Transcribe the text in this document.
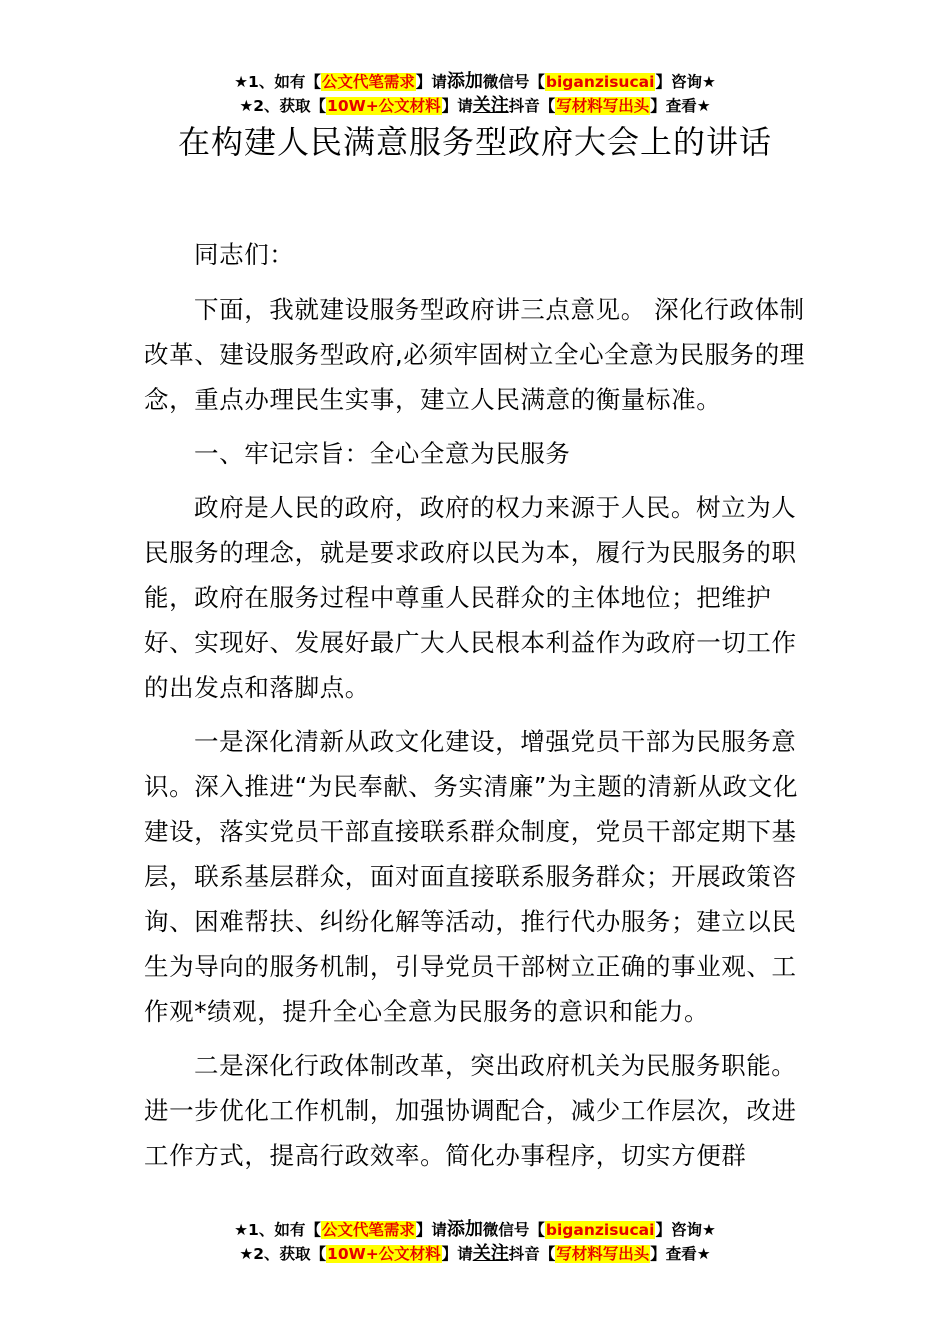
★1、如有【公文代笔需求】请添加微信号【biganzisucai】咨询★
★2、获取【10W+公文材料】请关注抖音【写材料写出头】查看★
在构建人民满意服务型政府大会上的讲话

同志们：

下面，我就建设服务型政府讲三点意见。 深化行政体制改革、建设服务型政府,必须牢固树立全心全意为民服务的理念，重点办理民生实事，建立人民满意的衡量标准。

一、牢记宗旨：全心全意为民服务

政府是人民的政府，政府的权力来源于人民。树立为人民服务的理念，就是要求政府以民为本，履行为民服务的职能，政府在服务过程中尊重人民群众的主体地位；把维护好、实现好、发展好最广大人民根本利益作为政府一切工作的出发点和落脚点。

一是深化清新从政文化建设，增强党员干部为民服务意识。深入推进“为民奉献、务实清廉”为主题的清新从政文化建设，落实党员干部直接联系群众制度，党员干部定期下基层，联系基层群众，面对面直接联系服务群众；开展政策咨询、困难帮扶、纠纷化解等活动，推行代办服务；建立以民生为导向的服务机制，引导党员干部树立正确的事业观、工作观*绩观，提升全心全意为民服务的意识和能力。

二是深化行政体制改革，突出政府机关为民服务职能。进一步优化工作机制，加强协调配合，减少工作层次，改进工作方式，提高行政效率。简化办事程序，切实方便群

★1、如有【公文代笔需求】请添加微信号【biganzisucai】咨询★
★2、获取【10W+公文材料】请关注抖音【写材料写出头】查看★
